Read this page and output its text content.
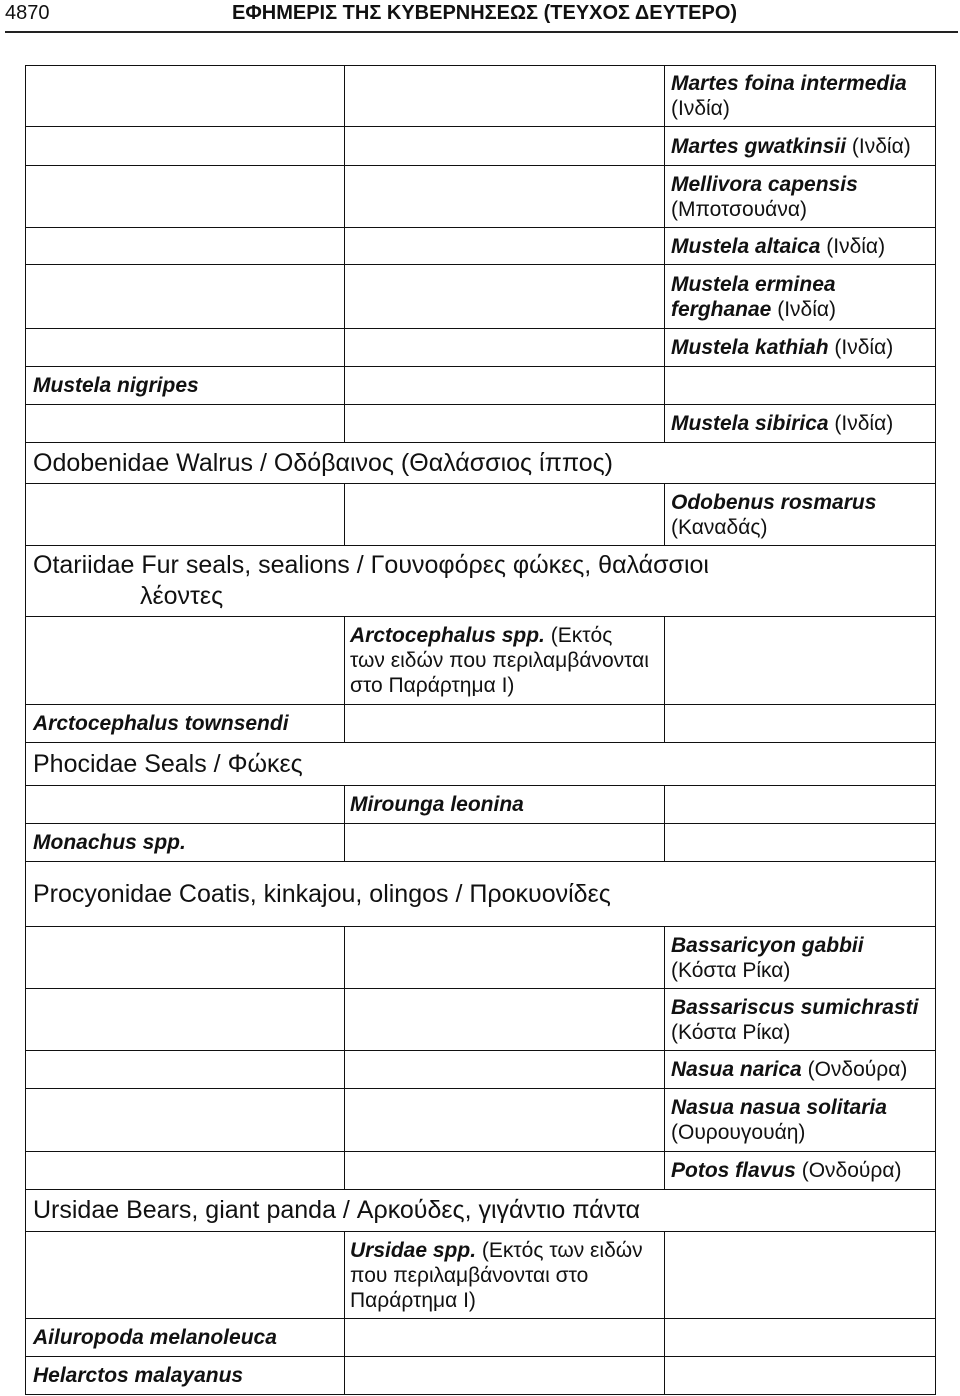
4870	ΕΦΗΜΕΡΙΣ ΤΗΣ ΚΥΒΕΡΝΗΣΕΩΣ (ΤΕΥΧΟΣ ΔΕΥΤΕΡΟ)
Martes foina intermedia (Ινδία)
Martes gwatkinsii (Ινδία)
Mellivora capensis (Μποτσουάνα)
Mustela altaica (Ινδία)
Mustela erminea ferghanae (Ινδία)
Mustela kathiah (Ινδία)
Mustela nigripes
Mustela sibirica (Ινδία)
Odobenidae Walrus / Οδόβαινος (Θαλάσσιος ίππος)
Odobenus rosmarus (Καναδάς)
Otariidae Fur seals, sealions / Γουνοφόρες φώκες, θαλάσσιοι λέοντες
Arctocephalus spp. (Εκτός
των ειδών που περιλαμβάνονται
στο Παράρτημα I)
Arctocephalus townsendi
Phocidae Seals / Φώκες
Mirounga leonina
Monachus spp.
Procyonidae Coatis, kinkajou, olingos / Προκυονίδες
Bassaricyon gabbii (Κόστα Ρίκα)
Bassariscus sumichrasti (Κόστα Ρίκα)
Nasua narica (Ονδούρα)
Nasua nasua solitaria (Ουρουγουάη)
Potos flavus (Ονδούρα)
Ursidae Bears, giant panda / Αρκούδες, γιγάντιο πάντα
Ursidae spp. (Εκτός των ειδών
που περιλαμβάνονται στο
Παράρτημα I)
Ailuropoda melanoleuca
Helarctos malayanus
